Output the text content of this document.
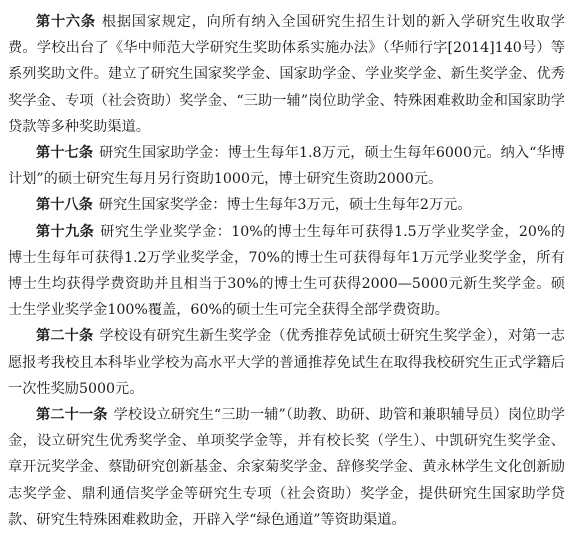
第十六条 根据国家规定，向所有纳入全国研究生招生计划的新入学研究生收取学费。学校出台了《华中师范大学研究生奖助体系实施办法》（华师行字[2014]140号）等系列奖助文件。建立了研究生国家奖学金、国家助学金、学业奖学金、新生奖学金、优秀奖学金、专项（社会资助）奖学金、“三助一辅”岗位助学金、特殊困难救助金和国家助学贷款等多种奖助渠道。

第十七条 研究生国家助学金：博士生每年1.8万元，硕士生每年6000元。纳入“华博计划”的硕士研究生每月另行资助1000元，博士研究生资助2000元。

第十八条 研究生国家奖学金：博士生每年3万元，硕士生每年2万元。

第十九条 研究生学业奖学金：10%的博士生每年可获得1.5万学业奖学金，20%的博士生每年可获得1.2万学业奖学金，70%的博士生可获得每年1万元学业奖学金，所有博士生均获得学费资助并且相当于30%的博士生可获得2000—5000元新生奖学金。硕士生学业奖学金100%覆盖，60%的硕士生可完全获得全部学费资助。

第二十条 学校设有研究生新生奖学金（优秀推荐免试硕士研究生奖学金），对第一志愿报考我校且本科毕业学校为高水平大学的普通推荐免试生在取得我校研究生正式学籍后一次性奖励5000元。

第二十一条 学校设立研究生“三助一辅”（助教、助研、助管和兼职辅导员）岗位助学金，设立研究生优秀奖学金、单项奖学金等，并有校长奖（学生）、中凯研究生奖学金、章开沅奖学金、蔡勖研究创新基金、余家菊奖学金、辞修奖学金、黄永林学生文化创新励志奖学金、鼎利通信奖学金等研究生专项（社会资助）奖学金，提供研究生国家助学贷款、研究生特殊困难救助金，开辟入学“绿色通道”等资助渠道。
